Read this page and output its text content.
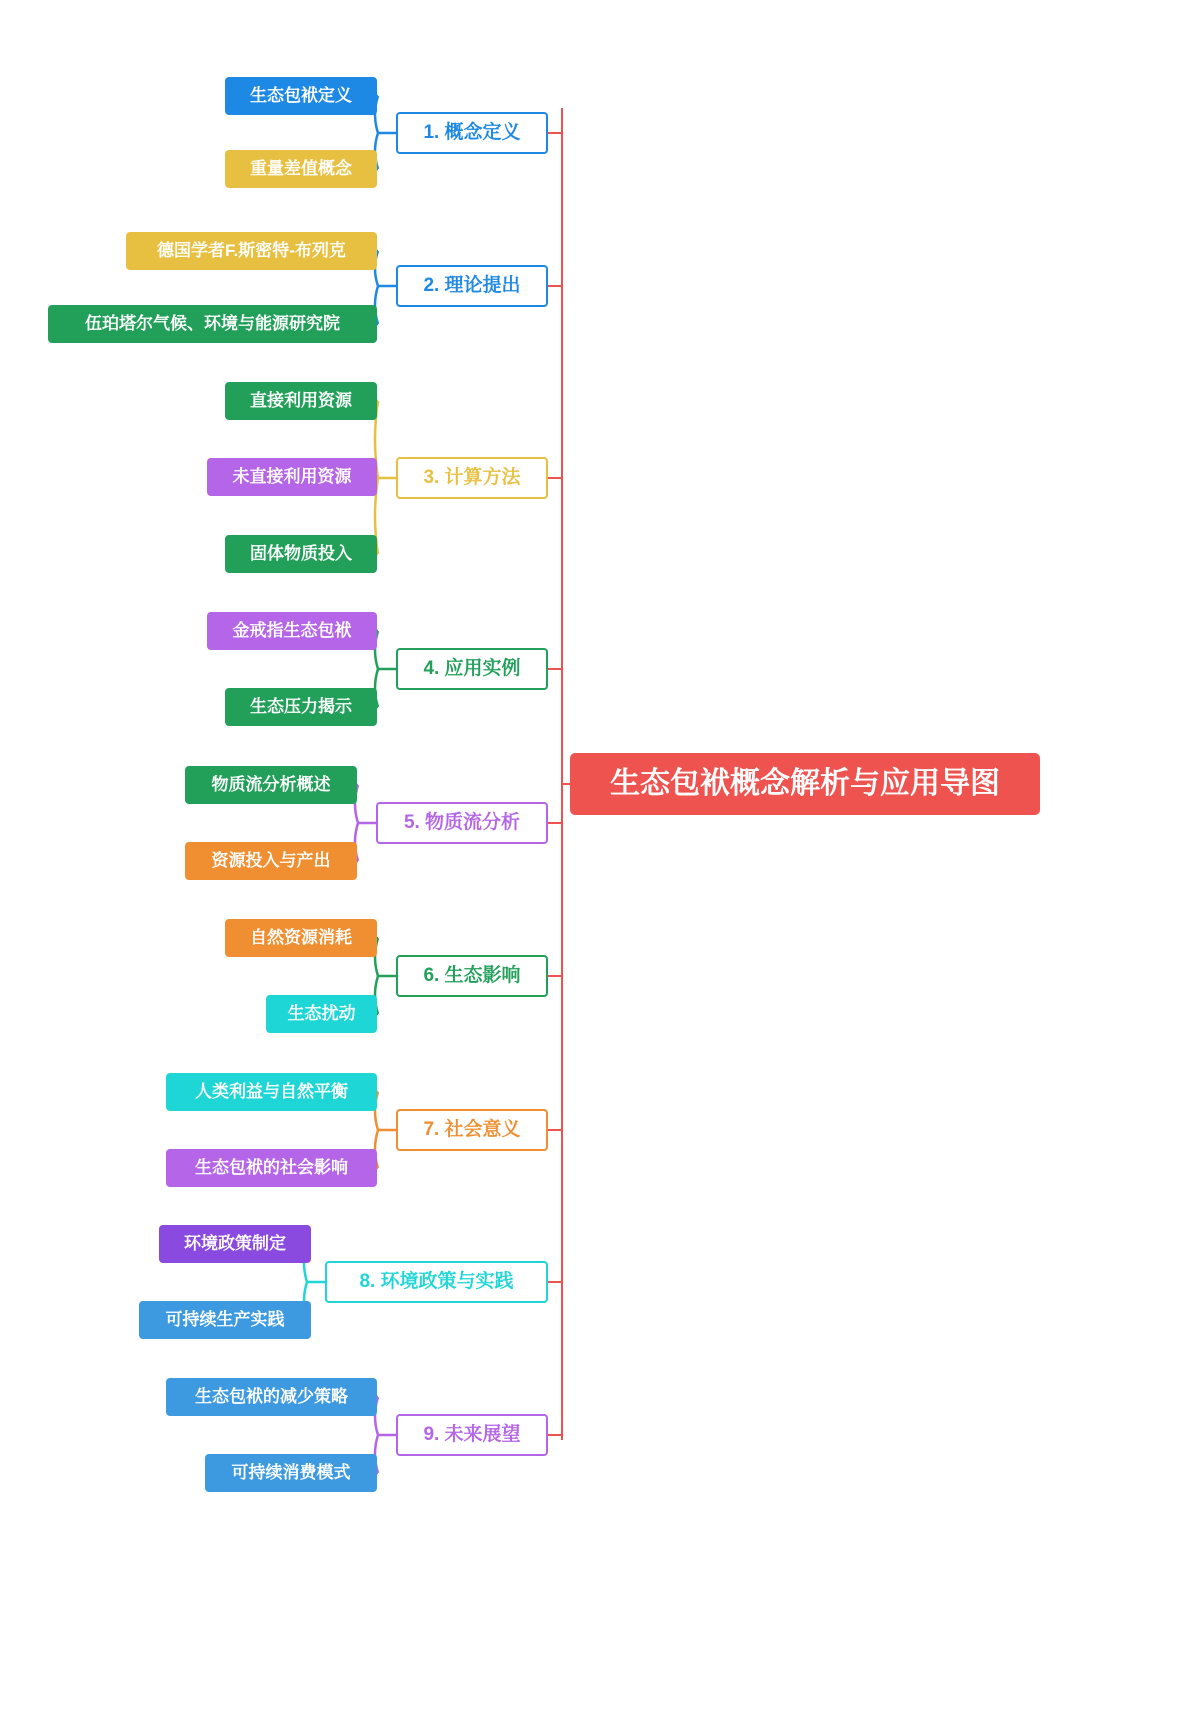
生态包袱概念解析与应用导图
1. 概念定义
生态包袱定义
重量差值概念
2. 理论提出
德国学者F.斯密特-布列克
伍珀塔尔气候、环境与能源研究院
3. 计算方法
直接利用资源
未直接利用资源
固体物质投入
4. 应用实例
金戒指生态包袱
生态压力揭示
5. 物质流分析
物质流分析概述
资源投入与产出
6. 生态影响
自然资源消耗
生态扰动
7. 社会意义
人类利益与自然平衡
生态包袱的社会影响
8. 环境政策与实践
环境政策制定
可持续生产实践
9. 未来展望
生态包袱的减少策略
可持续消费模式
